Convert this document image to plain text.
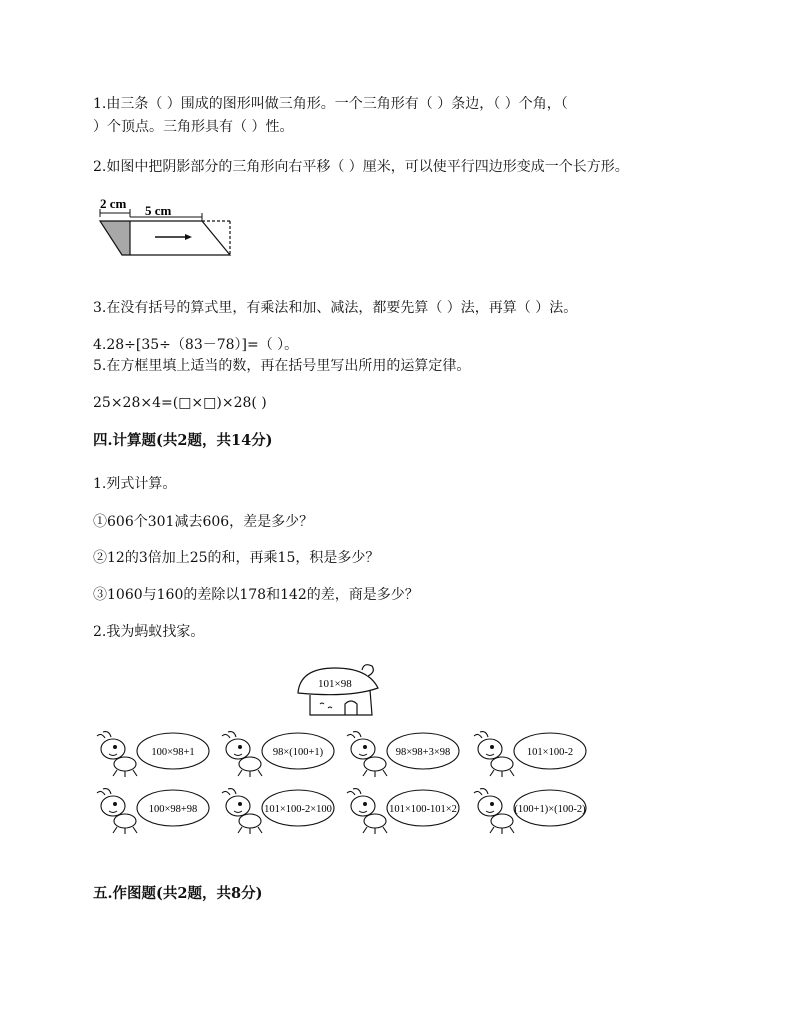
1.由三条（ ）围成的图形叫做三角形。一个三角形有（ ）条边，（ ）个角，（
）个顶点。三角形具有（ ）性。
2.如图中把阴影部分的三角形向右平移（ ）厘米，可以使平行四边形变成一个长方形。
2 cm 5 cm
3.在没有括号的算式里，有乘法和加、减法，都要先算（ ）法，再算（ ）法。
4.28÷[35÷（83－78）]=（ ）。
5.在方框里填上适当的数，再在括号里写出所用的运算定律。
25×28×4=(□×□)×28( )
四.计算题(共2题，共14分)
1.列式计算。
①606个301减去606，差是多少？
②12的3倍加上25的和，再乘15，积是多少？
③1060与160的差除以178和142的差，商是多少？
2.我为蚂蚁找家。
101×98
100×98+1	98×(100+1)	98×98+3×98	101×100-2
100×98+98	101×100-2×100	101×100-101×2	(100+1)×(100-2)
五.作图题(共2题，共8分)
